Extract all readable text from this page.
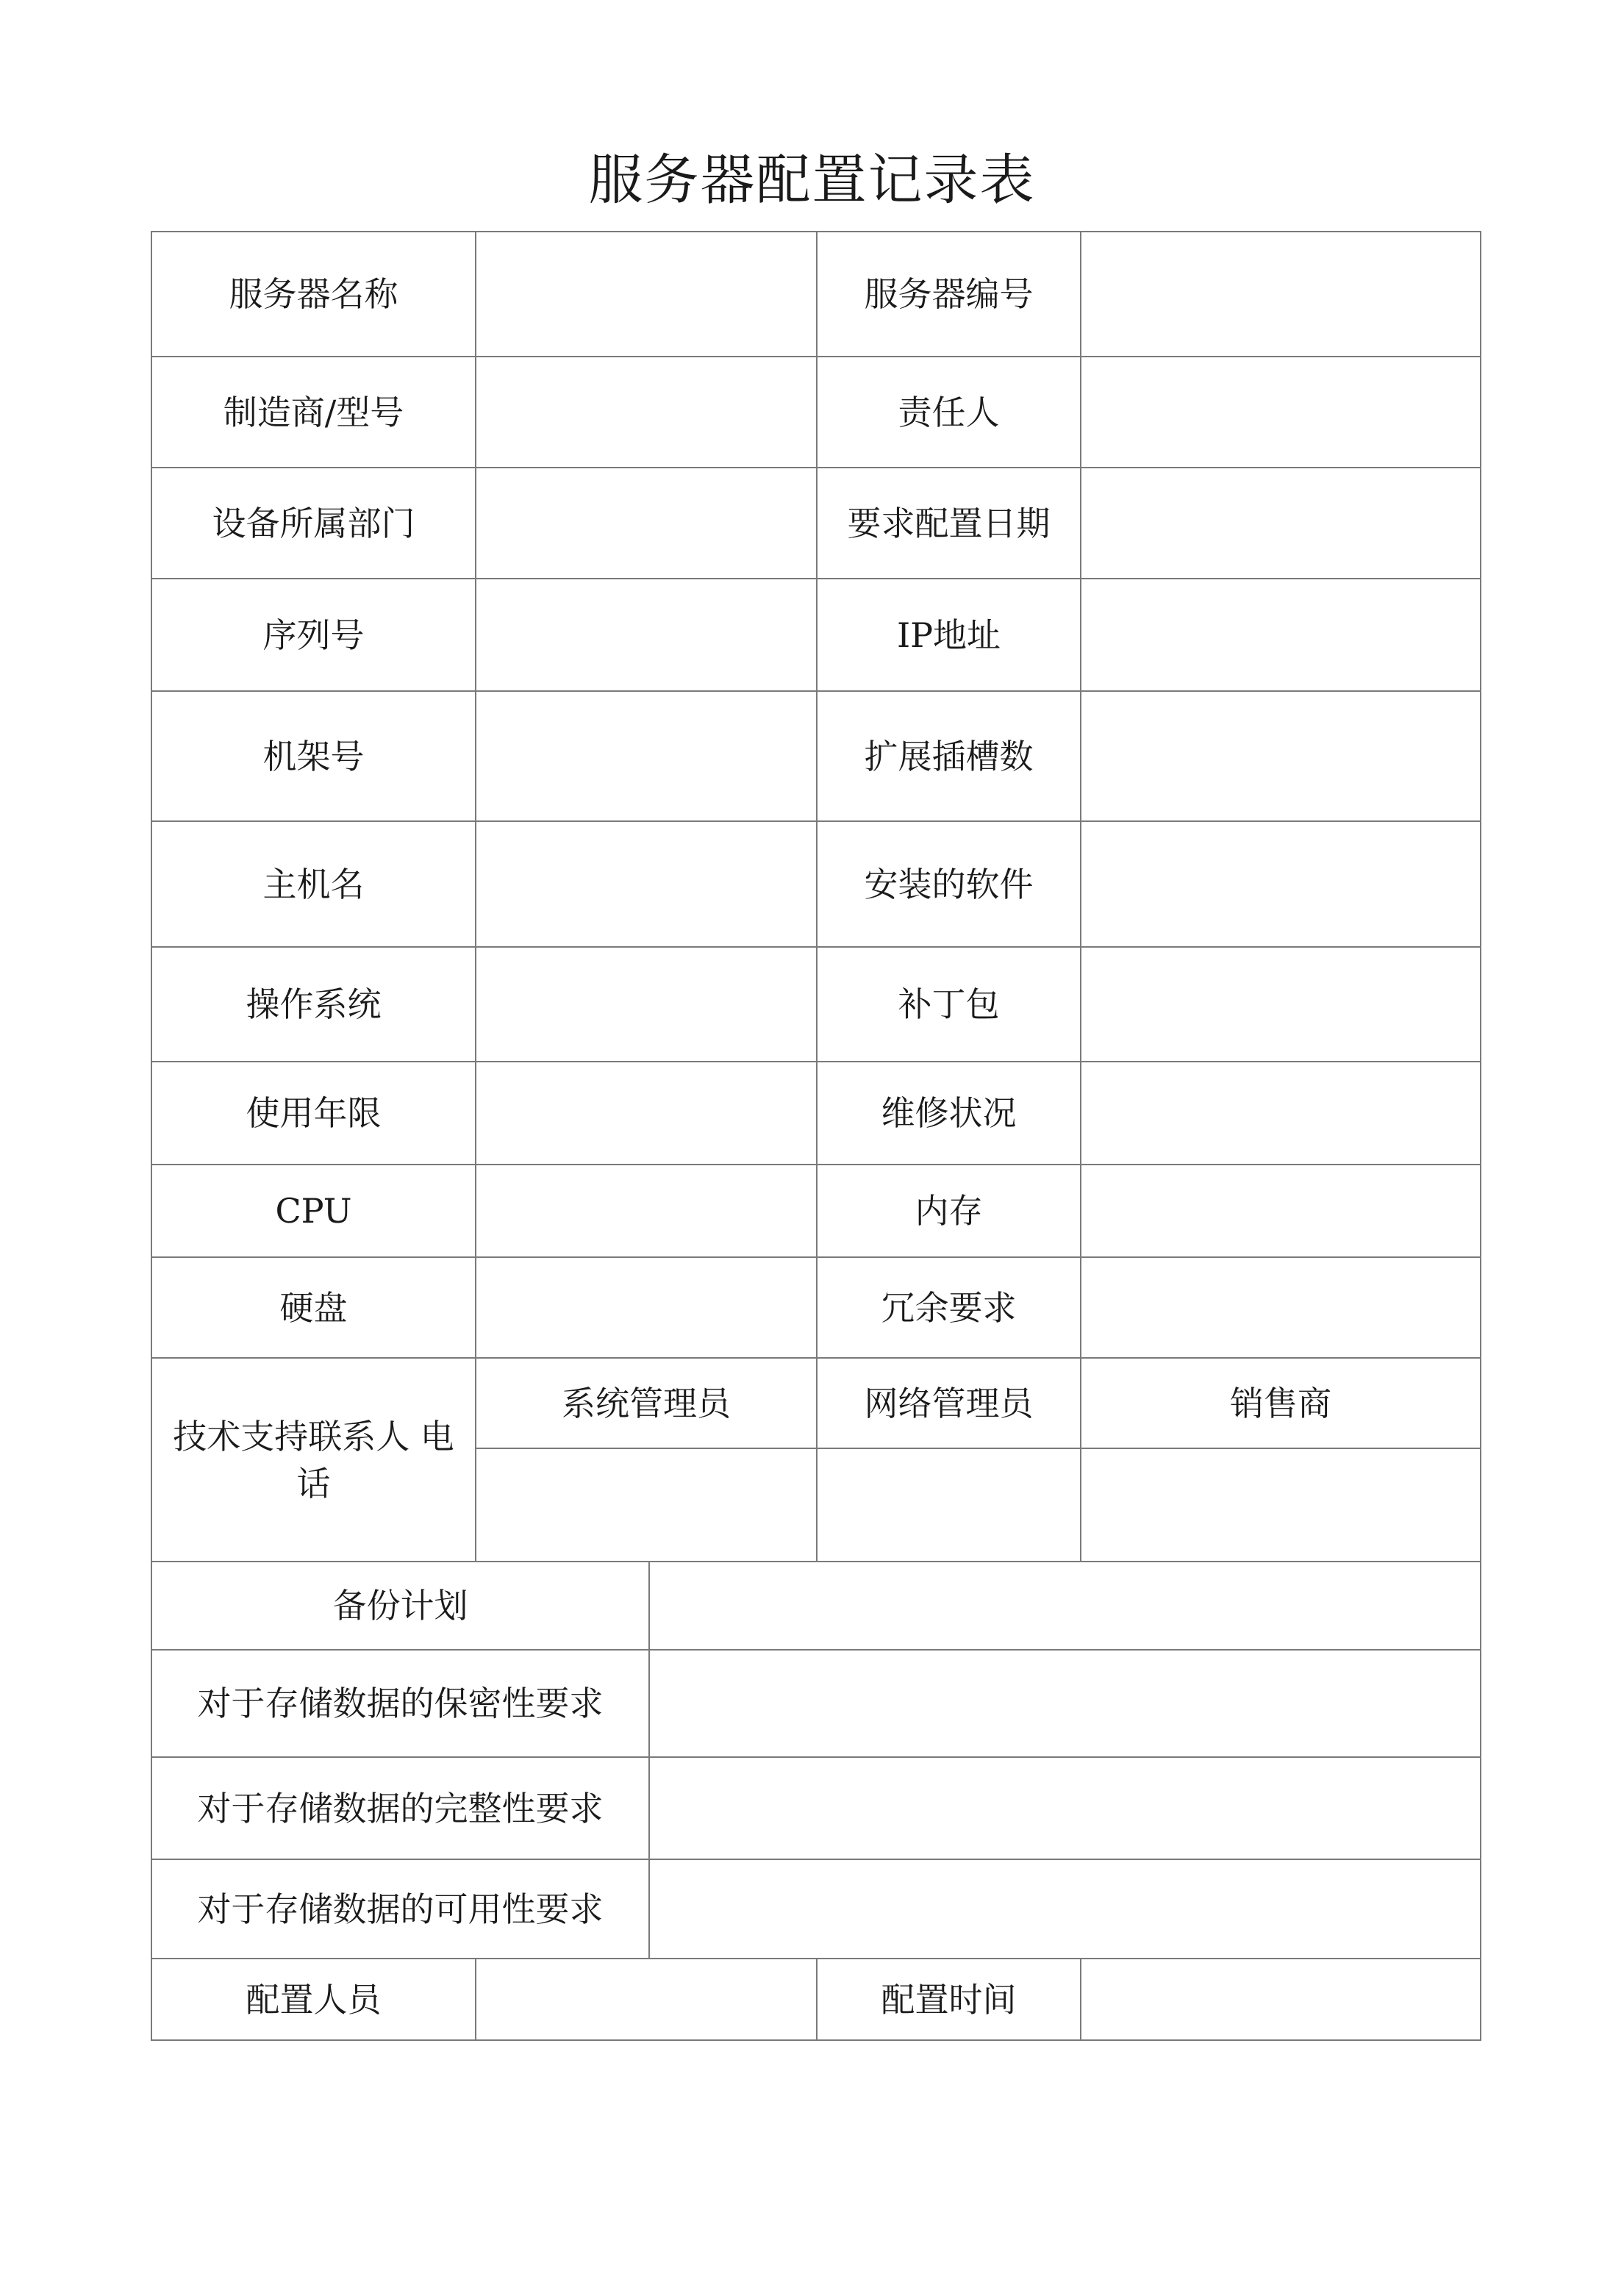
服务器配置记录表
服务器名称			服务器编号	
制造商/型号			责任人	
设备所属部门			要求配置日期	
序列号			IP地址	
机架号			扩展插槽数	
主机名			安装的软件	
操作系统			补丁包	
使用年限			维修状况	
CPU			内存	
硬盘			冗余要求	
技术支持联系人 电话	系统管理员		网络管理员	销售商

备份计划				
对于存储数据的保密性要求				
对于存储数据的完整性要求				
对于存储数据的可用性要求				
配置人员			配置时间	
